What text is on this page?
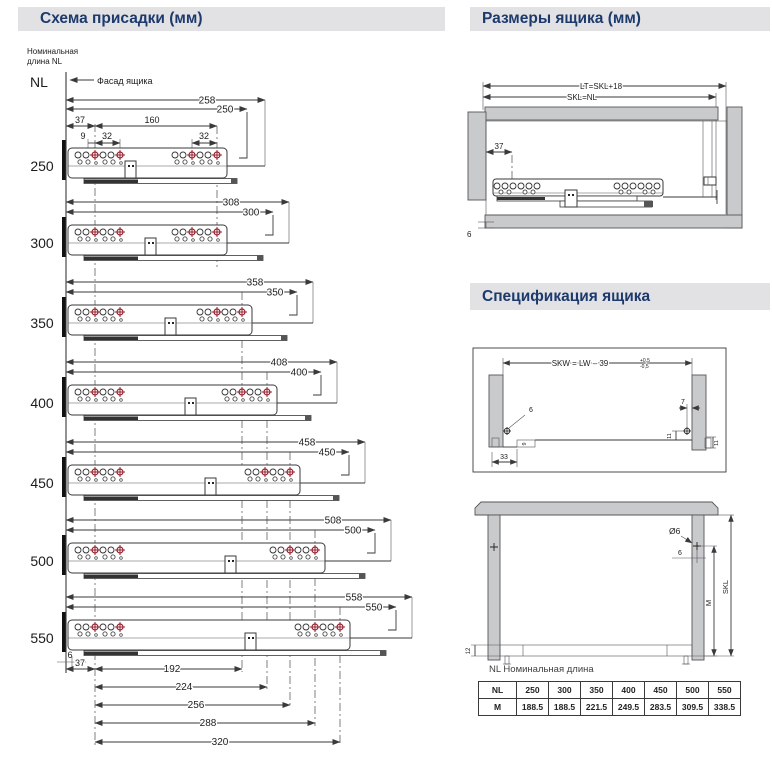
Схема присадки (мм)	Размеры ящика (мм)
Спецификация ящика
Номинальная
длина NL
NL	Фасад ящика
37	160
9 32	32
250
258
250
300
308
300
350
358
350
400
408
400
450
458
450
500
508
500
550
558
550
6
37
192
224
256
288
320
LT=SKL+18
SKL=NL
37
6
SKW = LW – 39	+0,5
-0,5
9
6
7
11
11
33
Ø6
6
M
SKL
12
NL Номинальная длина
NL	250	300	350	400	450	500	550
M	188.5	188.5	221.5	249.5	283.5	309.5	338.5
